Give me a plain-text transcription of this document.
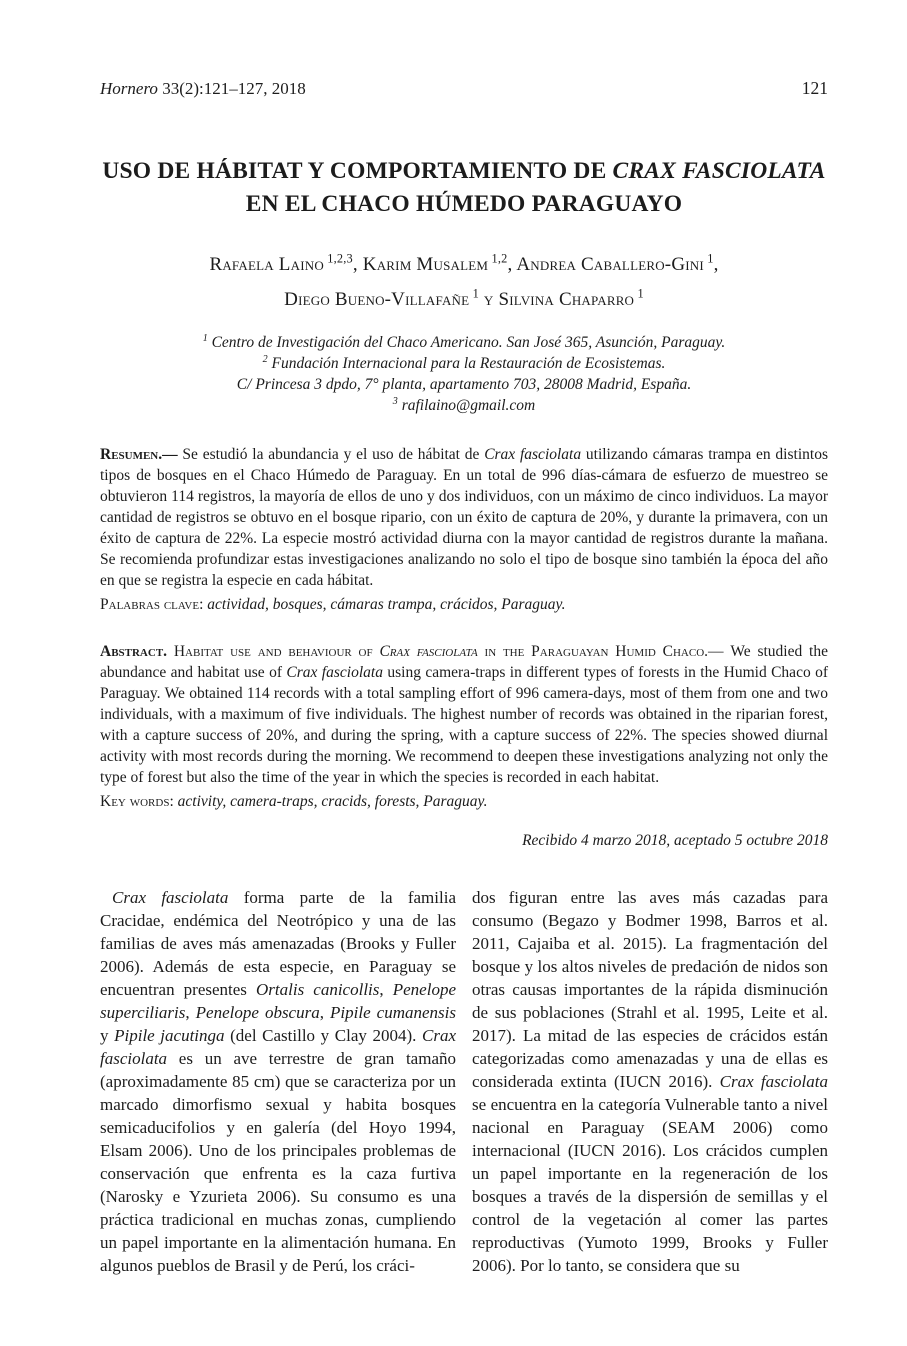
Hornero 33(2):121–127, 2018	121
USO DE HÁBITAT Y COMPORTAMIENTO DE CRAX FASCIOLATA
EN EL CHACO HÚMEDO PARAGUAYO
Rafaela Laino $^{1,2,3}$, Karim Musalem $^{1,2}$, Andrea Caballero-Gini $^1$,
Diego Bueno-Villafañe $^1$ y Silvina Chaparro $^1$
$^1$ Centro de Investigación del Chaco Americano. San José 365, Asunción, Paraguay.
$^2$ Fundación Internacional para la Restauración de Ecosistemas.
C/ Princesa 3 dpdo, 7° planta, apartamento 703, 28008 Madrid, España.
$^3$ rafilaino@gmail.com

Resumen.— Se estudió la abundancia y el uso de hábitat de Crax fasciolata utilizando cámaras trampa en distintos tipos de bosques en el Chaco Húmedo de Paraguay. En un total de 996 días-cámara de esfuerzo de muestreo se obtuvieron 114 registros, la mayoría de ellos de uno y dos individuos, con un máximo de cinco individuos. La mayor cantidad de registros se obtuvo en el bosque ripario, con un éxito de captura de 20%, y durante la primavera, con un éxito de captura de 22%. La especie mostró actividad diurna con la mayor cantidad de registros durante la mañana. Se recomienda profundizar estas investigaciones analizando no solo el tipo de bosque sino también la época del año en que se registra la especie en cada hábitat.

Palabras clave: actividad, bosques, cámaras trampa, crácidos, Paraguay.

Abstract. Habitat use and behaviour of Crax fasciolata in the Paraguayan Humid Chaco.— We studied the abundance and habitat use of Crax fasciolata using camera-traps in different types of forests in the Humid Chaco of Paraguay. We obtained 114 records with a total sampling effort of 996 camera-days, most of them from one and two individuals, with a maximum of five individuals. The highest number of records was obtained in the riparian forest, with a capture success of 20%, and during the spring, with a capture success of 22%. The species showed diurnal activity with most records during the morning. We recommend to deepen these investigations analyzing not only the type of forest but also the time of the year in which the species is recorded in each habitat.

Key words: activity, camera-traps, cracids, forests, Paraguay.

Recibido 4 marzo 2018, aceptado 5 octubre 2018

Crax fasciolata forma parte de la familia Cracidae, endémica del Neotrópico y una de las familias de aves más amenazadas (Brooks y Fuller 2006). Además de esta especie, en Paraguay se encuentran presentes Ortalis canicollis, Penelope superciliaris, Penelope obscura, Pipile cumanensis y Pipile jacutinga (del Castillo y Clay 2004). Crax fasciolata es un ave terrestre de gran tamaño (aproximadamente 85 cm) que se caracteriza por un marcado dimorfismo sexual y habita bosques semicaducifolios y en galería (del Hoyo 1994, Elsam 2006). Uno de los principales problemas de conservación que enfrenta es la caza furtiva (Narosky e Yzurieta 2006). Su consumo es una práctica tradicional en muchas zonas, cumpliendo un papel importante en la alimentación humana. En algunos pueblos de Brasil y de Perú, los cráci-

dos figuran entre las aves más cazadas para consumo (Begazo y Bodmer 1998, Barros et al. 2011, Cajaiba et al. 2015). La fragmentación del bosque y los altos niveles de predación de nidos son otras causas importantes de la rápida disminución de sus poblaciones (Strahl et al. 1995, Leite et al. 2017). La mitad de las especies de crácidos están categorizadas como amenazadas y una de ellas es considerada extinta (IUCN 2016). Crax fasciolata se encuentra en la categoría Vulnerable tanto a nivel nacional en Paraguay (SEAM 2006) como internacional (IUCN 2016). Los crácidos cumplen un papel importante en la regeneración de los bosques a través de la dispersión de semillas y el control de la vegetación al comer las partes reproductivas (Yumoto 1999, Brooks y Fuller 2006). Por lo tanto, se considera que su
